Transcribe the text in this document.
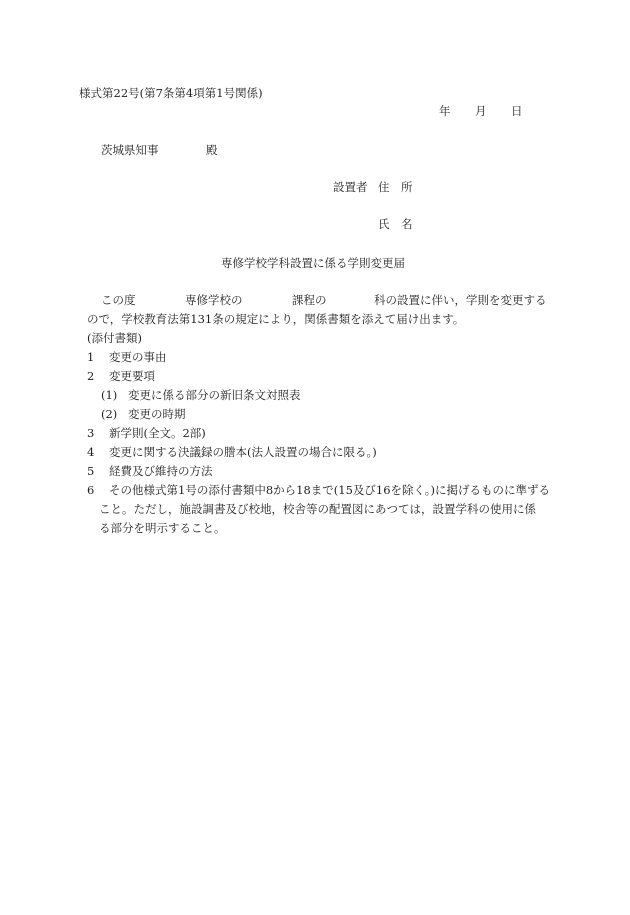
様式第22号(第7条第4項第1号関係)
年 月 日
茨城県知事	殿
設置者 住　所
氏　名
専修学校学科設置に係る学則変更届
この度	専修学校の	課程の	科の設置に伴い，学則を変更する
ので，学校教育法第131条の規定により，関係書類を添えて届け出ます。
(添付書類)
1 変更の事由
2 変更要項
(1) 変更に係る部分の新旧条文対照表
(2) 変更の時期
3 新学則(全文。2部)
4 変更に関する決議録の謄本(法人設置の場合に限る。)
5 経費及び維持の方法
6 その他様式第1号の添付書類中8から18まで(15及び16を除く。)に掲げるものに準ずる
こと。ただし，施設調書及び校地，校舎等の配置図にあつては，設置学科の使用に係
る部分を明示すること。
